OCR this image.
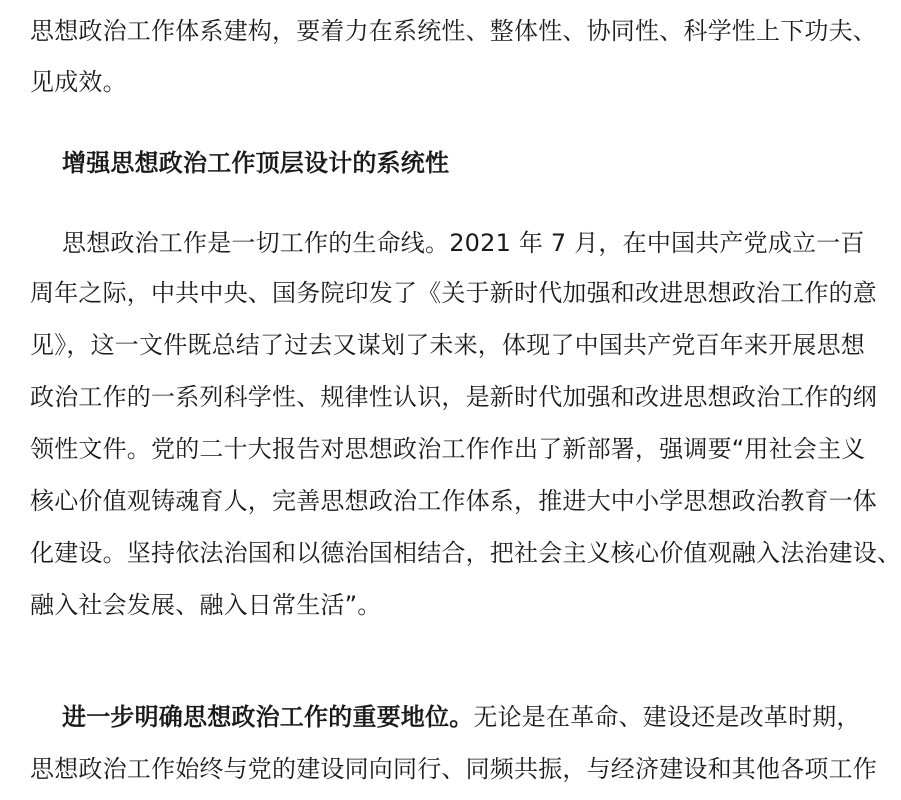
思想政治工作体系建构，要着力在系统性、整体性、协同性、科学性上下功夫、
见成效。
增强思想政治工作顶层设计的系统性
思想政治工作是一切工作的生命线。2021 年 7 月，在中国共产党成立一百
周年之际，中共中央、国务院印发了《关于新时代加强和改进思想政治工作的意
见》，这一文件既总结了过去又谋划了未来，体现了中国共产党百年来开展思想
政治工作的一系列科学性、规律性认识，是新时代加强和改进思想政治工作的纲
领性文件。党的二十大报告对思想政治工作作出了新部署，强调要“用社会主义
核心价值观铸魂育人，完善思想政治工作体系，推进大中小学思想政治教育一体
化建设。坚持依法治国和以德治国相结合，把社会主义核心价值观融入法治建设、
融入社会发展、融入日常生活”。
进一步明确思想政治工作的重要地位。无论是在革命、建设还是改革时期，
思想政治工作始终与党的建设同向同行、同频共振，与经济建设和其他各项工作
